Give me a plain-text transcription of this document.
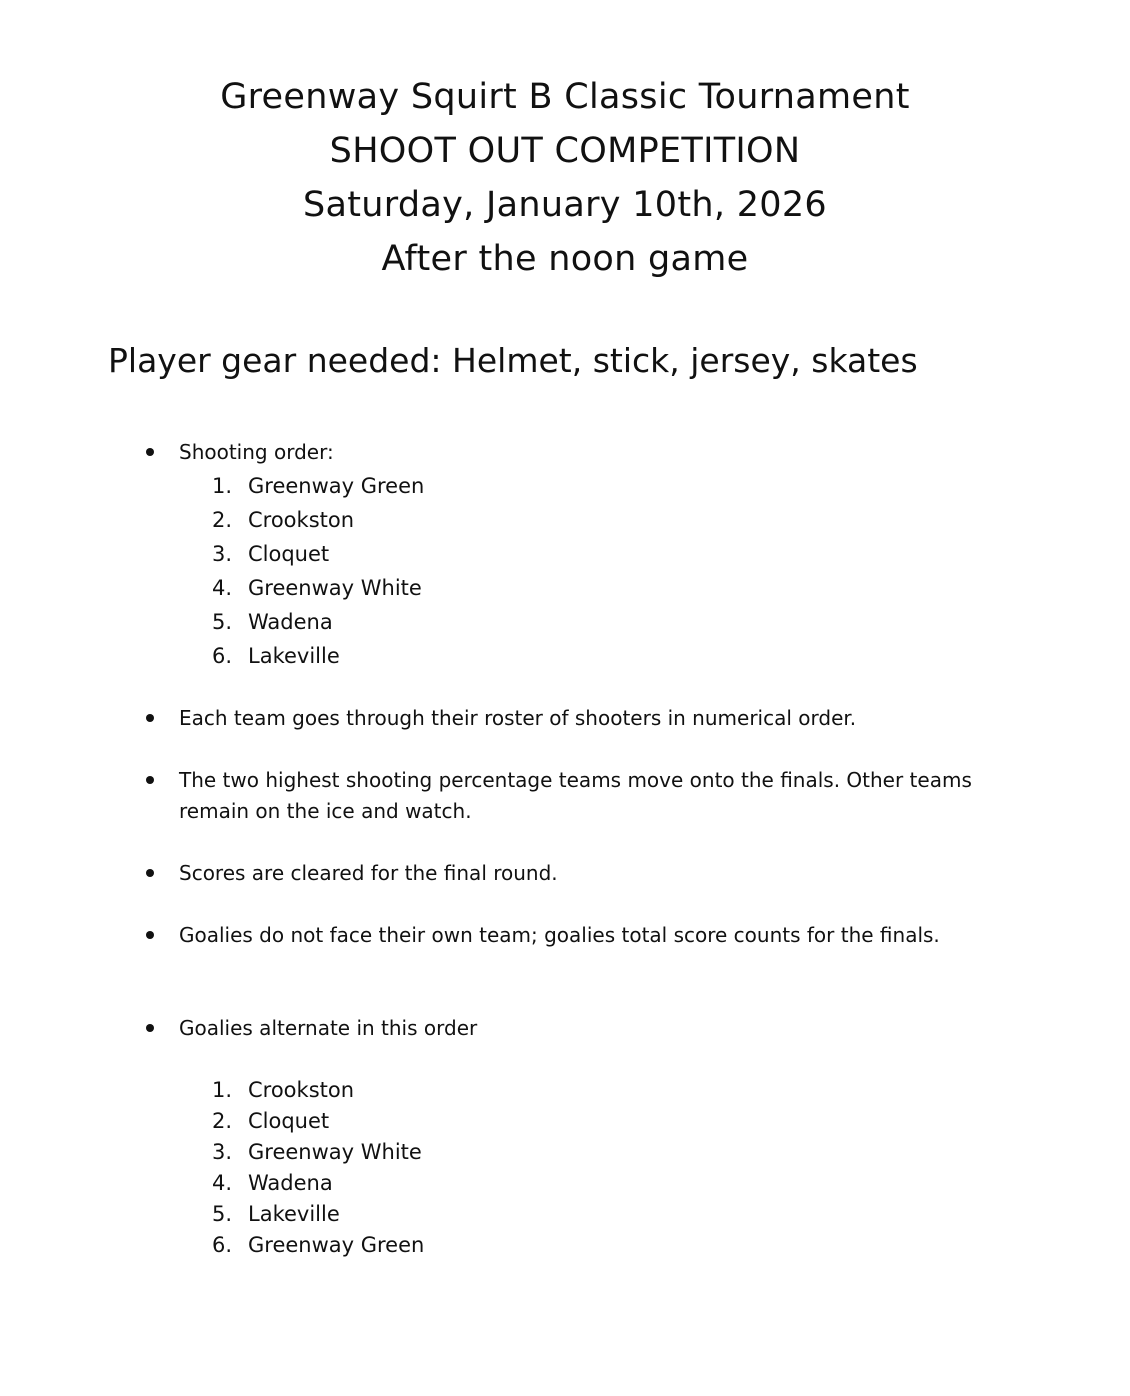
Greenway Squirt B Classic Tournament
SHOOT OUT COMPETITION
Saturday, January 10th, 2026
After the noon game
Player gear needed: Helmet, stick, jersey, skates
Shooting order:
1. Greenway Green
2. Crookston
3. Cloquet
4. Greenway White
5. Wadena
6. Lakeville
Each team goes through their roster of shooters in numerical order.
The two highest shooting percentage teams move onto the finals. Other teams remain on the ice and watch.
Scores are cleared for the final round.
Goalies do not face their own team; goalies total score counts for the finals.
Goalies alternate in this order
1. Crookston
2. Cloquet
3. Greenway White
4. Wadena
5. Lakeville
6. Greenway Green
